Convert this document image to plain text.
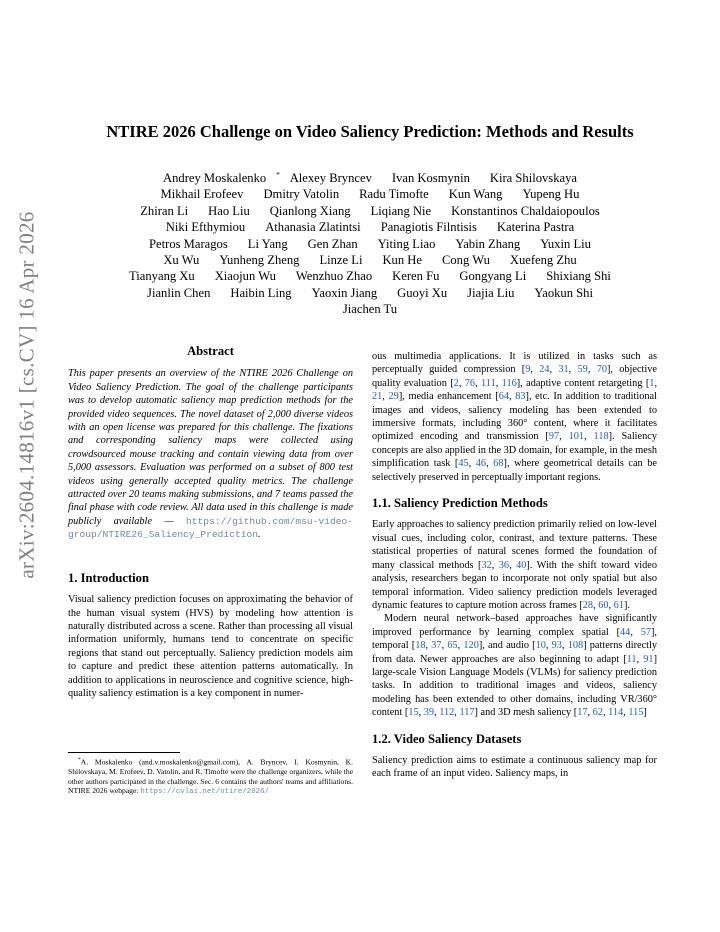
arXiv:2604.14816v1 [cs.CV] 16 Apr 2026
NTIRE 2026 Challenge on Video Saliency Prediction: Methods and Results
Andrey Moskalenko * Alexey Bryncev Ivan Kosmynin Kira Shilovskaya
Mikhail Erofeev Dmitry Vatolin Radu Timofte Kun Wang Yupeng Hu
Zhiran Li Hao Liu Qianlong Xiang Liqiang Nie Konstantinos Chaldaiopoulos
Niki Efthymiou Athanasia Zlatintsi Panagiotis Filntisis Katerina Pastra
Petros Maragos Li Yang Gen Zhan Yiting Liao Yabin Zhang Yuxin Liu
Xu Wu Yunheng Zheng Linze Li Kun He Cong Wu Xuefeng Zhu
Tianyang Xu Xiaojun Wu Wenzhuo Zhao Keren Fu Gongyang Li Shixiang Shi
Jianlin Chen Haibin Ling Yaoxin Jiang Guoyi Xu Jiajia Liu Yaokun Shi
Jiachen Tu
Abstract

This paper presents an overview of the NTIRE 2026 Challenge on Video Saliency Prediction. The goal of the challenge participants was to develop automatic saliency map prediction methods for the provided video sequences. The novel dataset of 2,000 diverse videos with an open license was prepared for this challenge. The fixations and corresponding saliency maps were collected using crowdsourced mouse tracking and contain viewing data from over 5,000 assessors. Evaluation was performed on a subset of 800 test videos using generally accepted quality metrics. The challenge attracted over 20 teams making submissions, and 7 teams passed the final phase with code review. All data used in this challenge is made publicly available — https://github.com/msu-video-group/NTIRE26_Saliency_Prediction.

1. Introduction

Visual saliency prediction focuses on approximating the behavior of the human visual system (HVS) by modeling how attention is naturally distributed across a scene. Rather than processing all visual information uniformly, humans tend to concentrate on specific regions that stand out perceptually. Saliency prediction models aim to capture and predict these attention patterns automatically. In addition to applications in neuroscience and cognitive science, high-quality saliency estimation is a key component in numer-

*A. Moskalenko (and.v.moskalenko@gmail.com), A. Bryncev, I. Kosmynin, K. Shilovskaya, M. Erofeev, D. Vatolin, and R. Timofte were the challenge organizers, while the other authors participated in the challenge. Sec. 6 contains the authors' teams and affiliations. NTIRE 2026 webpage: https://cvlai.net/ntire/2026/

ous multimedia applications. It is utilized in tasks such as perceptually guided compression [9, 24, 31, 59, 70], objective quality evaluation [2, 76, 111, 116], adaptive content retargeting [1, 21, 29], media enhancement [64, 83], etc. In addition to traditional images and videos, saliency modeling has been extended to immersive formats, including 360° content, where it facilitates optimized encoding and transmission [97, 101, 118]. Saliency concepts are also applied in the 3D domain, for example, in the mesh simplification task [45, 46, 68], where geometrical details can be selectively preserved in perceptually important regions.

1.1. Saliency Prediction Methods

Early approaches to saliency prediction primarily relied on low-level visual cues, including color, contrast, and texture patterns. These statistical properties of natural scenes formed the foundation of many classical methods [32, 36, 40]. With the shift toward video analysis, researchers began to incorporate not only spatial but also temporal information. Video saliency prediction models leveraged dynamic features to capture motion across frames [28, 60, 61].

Modern neural network–based approaches have significantly improved performance by learning complex spatial [44, 57], temporal [18, 37, 65, 120], and audio [10, 93, 108] patterns directly from data. Newer approaches are also beginning to adapt [11, 91] large-scale Vision Language Models (VLMs) for saliency prediction tasks. In addition to traditional images and videos, saliency modeling has been extended to other domains, including VR/360° content [15, 39, 112, 117] and 3D mesh saliency [17, 62, 114, 115]

1.2. Video Saliency Datasets

Saliency prediction aims to estimate a continuous saliency map for each frame of an input video. Saliency maps, in
